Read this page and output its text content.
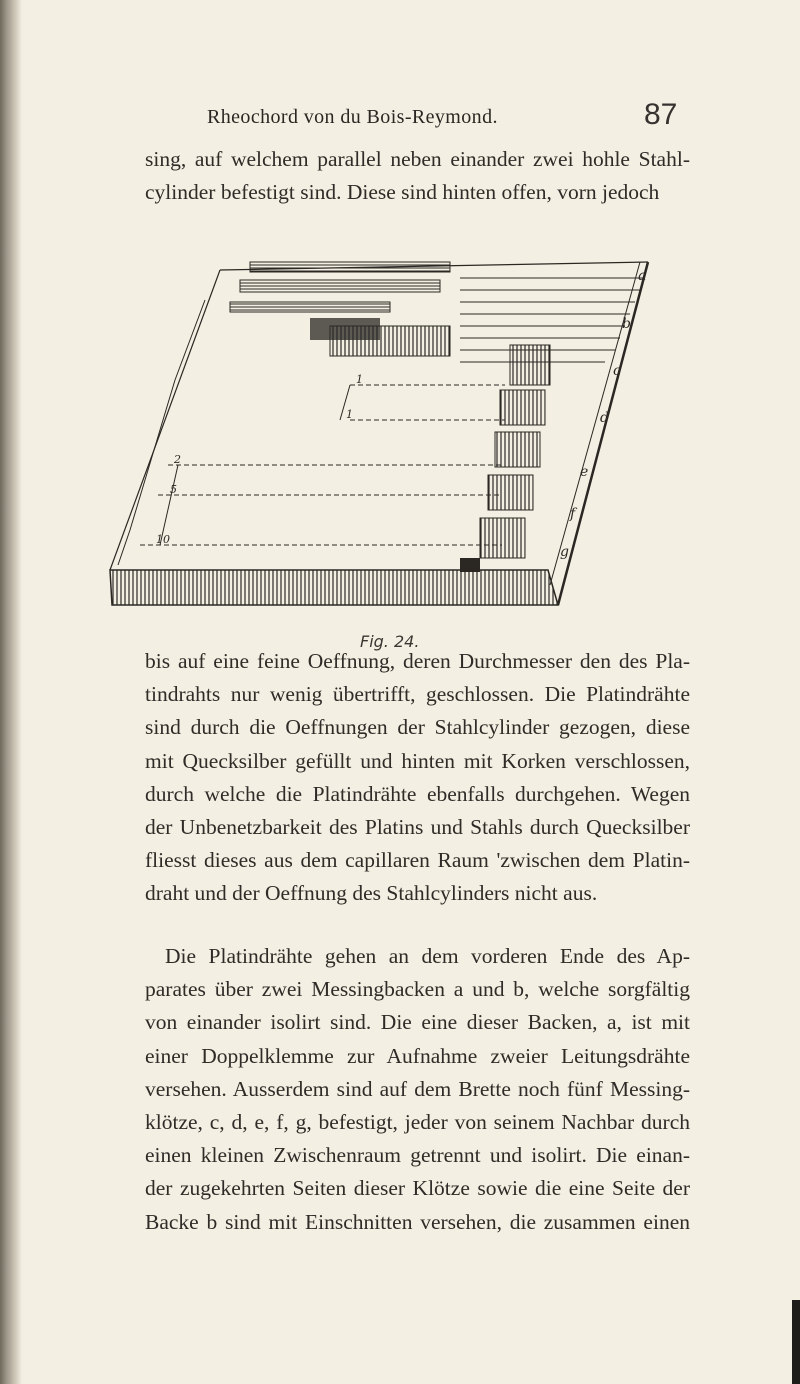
Rheochord von du Bois-Reymond.	87

sing, auf welchem parallel neben einander zwei hohle Stahl-
cylinder befestigt sind. Diese sind hinten offen, vorn jedoch

a
b
c
d
e
f
g
1
1
2
5
10
Fig. 24.

bis auf eine feine Oeffnung, deren Durchmesser den des Pla-
tindrahts nur wenig übertrifft, geschlossen. Die Platindrähte
sind durch die Oeffnungen der Stahlcylinder gezogen, diese
mit Quecksilber gefüllt und hinten mit Korken verschlossen,
durch welche die Platindrähte ebenfalls durchgehen. Wegen
der Unbenetzbarkeit des Platins und Stahls durch Quecksilber
fliesst dieses aus dem capillaren Raum 'zwischen dem Platin-
draht und der Oeffnung des Stahlcylinders nicht aus.

Die Platindrähte gehen an dem vorderen Ende des Ap-
parates über zwei Messingbacken a und b, welche sorgfältig
von einander isolirt sind. Die eine dieser Backen, a, ist mit
einer Doppelklemme zur Aufnahme zweier Leitungsdrähte
versehen. Ausserdem sind auf dem Brette noch fünf Messing-
klötze, c, d, e, f, g, befestigt, jeder von seinem Nachbar durch
einen kleinen Zwischenraum getrennt und isolirt. Die einan-
der zugekehrten Seiten dieser Klötze sowie die eine Seite der
Backe b sind mit Einschnitten versehen, die zusammen einen
